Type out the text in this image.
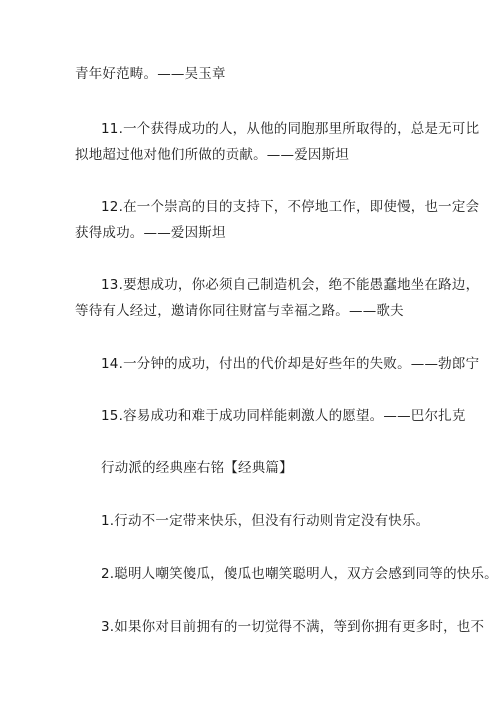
青年好范畴。——吴玉章
11.一个获得成功的人，从他的同胞那里所取得的，总是无可比
拟地超过他对他们所做的贡献。——爱因斯坦
12.在一个崇高的目的支持下，不停地工作，即使慢，也一定会
获得成功。——爱因斯坦
13.要想成功，你必须自己制造机会，绝不能愚蠢地坐在路边，
等待有人经过，邀请你同往财富与幸福之路。——歌夫
14.一分钟的成功，付出的代价却是好些年的失败。——勃郎宁
15.容易成功和难于成功同样能刺激人的愿望。——巴尔扎克
行动派的经典座右铭【经典篇】
1.行动不一定带来快乐，但没有行动则肯定没有快乐。
2.聪明人嘲笑傻瓜，傻瓜也嘲笑聪明人，双方会感到同等的快乐。
3.如果你对目前拥有的一切觉得不满，等到你拥有更多时，也不
